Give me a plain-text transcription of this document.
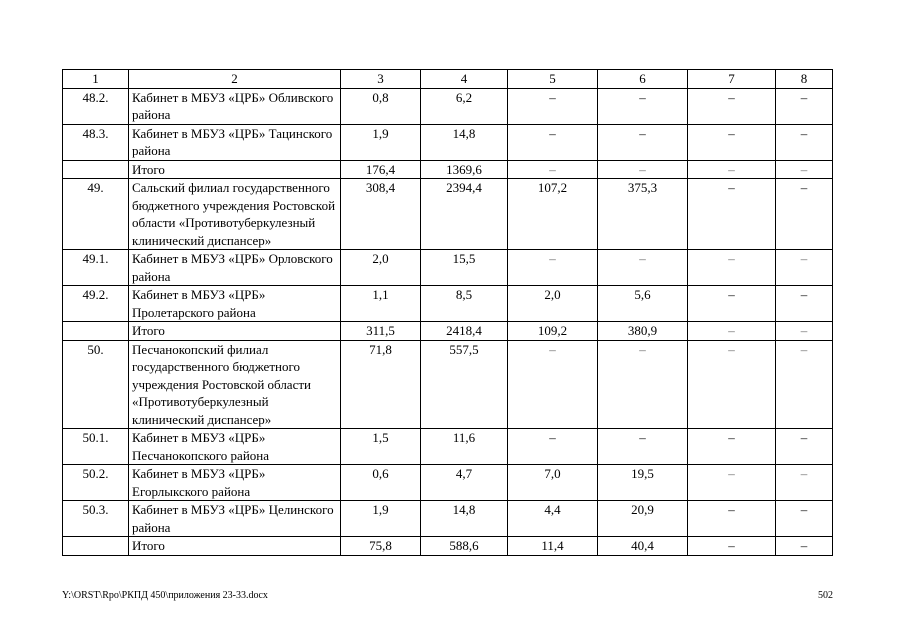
1	2	3	4	5	6	7	8
48.2.	Кабинет в МБУЗ «ЦРБ» Обливского района	0,8	6,2	–	–	–	–
48.3.	Кабинет в МБУЗ «ЦРБ» Тацинского района	1,9	14,8	–	–	–	–
	Итого	176,4	1369,6	–	–	–	–
49.	Сальский филиал государственного бюджетного учреждения Ростовской области «Противотуберкулезный клинический диспансер»	308,4	2394,4	107,2	375,3	–	–
49.1.	Кабинет в МБУЗ «ЦРБ» Орловского района	2,0	15,5	–	–	–	–
49.2.	Кабинет в МБУЗ «ЦРБ» Пролетарского района	1,1	8,5	2,0	5,6	–	–
	Итого	311,5	2418,4	109,2	380,9	–	–
50.	Песчанокопский филиал государственного бюджетного учреждения Ростовской области «Противотуберкулезный клинический диспансер»	71,8	557,5	–	–	–	–
50.1.	Кабинет в МБУЗ «ЦРБ» Песчанокопского района	1,5	11,6	–	–	–	–
50.2.	Кабинет в МБУЗ «ЦРБ» Егорлыкского района	0,6	4,7	7,0	19,5	–	–
50.3.	Кабинет в МБУЗ «ЦРБ» Целинского района	1,9	14,8	4,4	20,9	–	–
	Итого	75,8	588,6	11,4	40,4	–	–
Y:\ORST\Rpo\РКПД 450\приложения 23-33.docx	502
